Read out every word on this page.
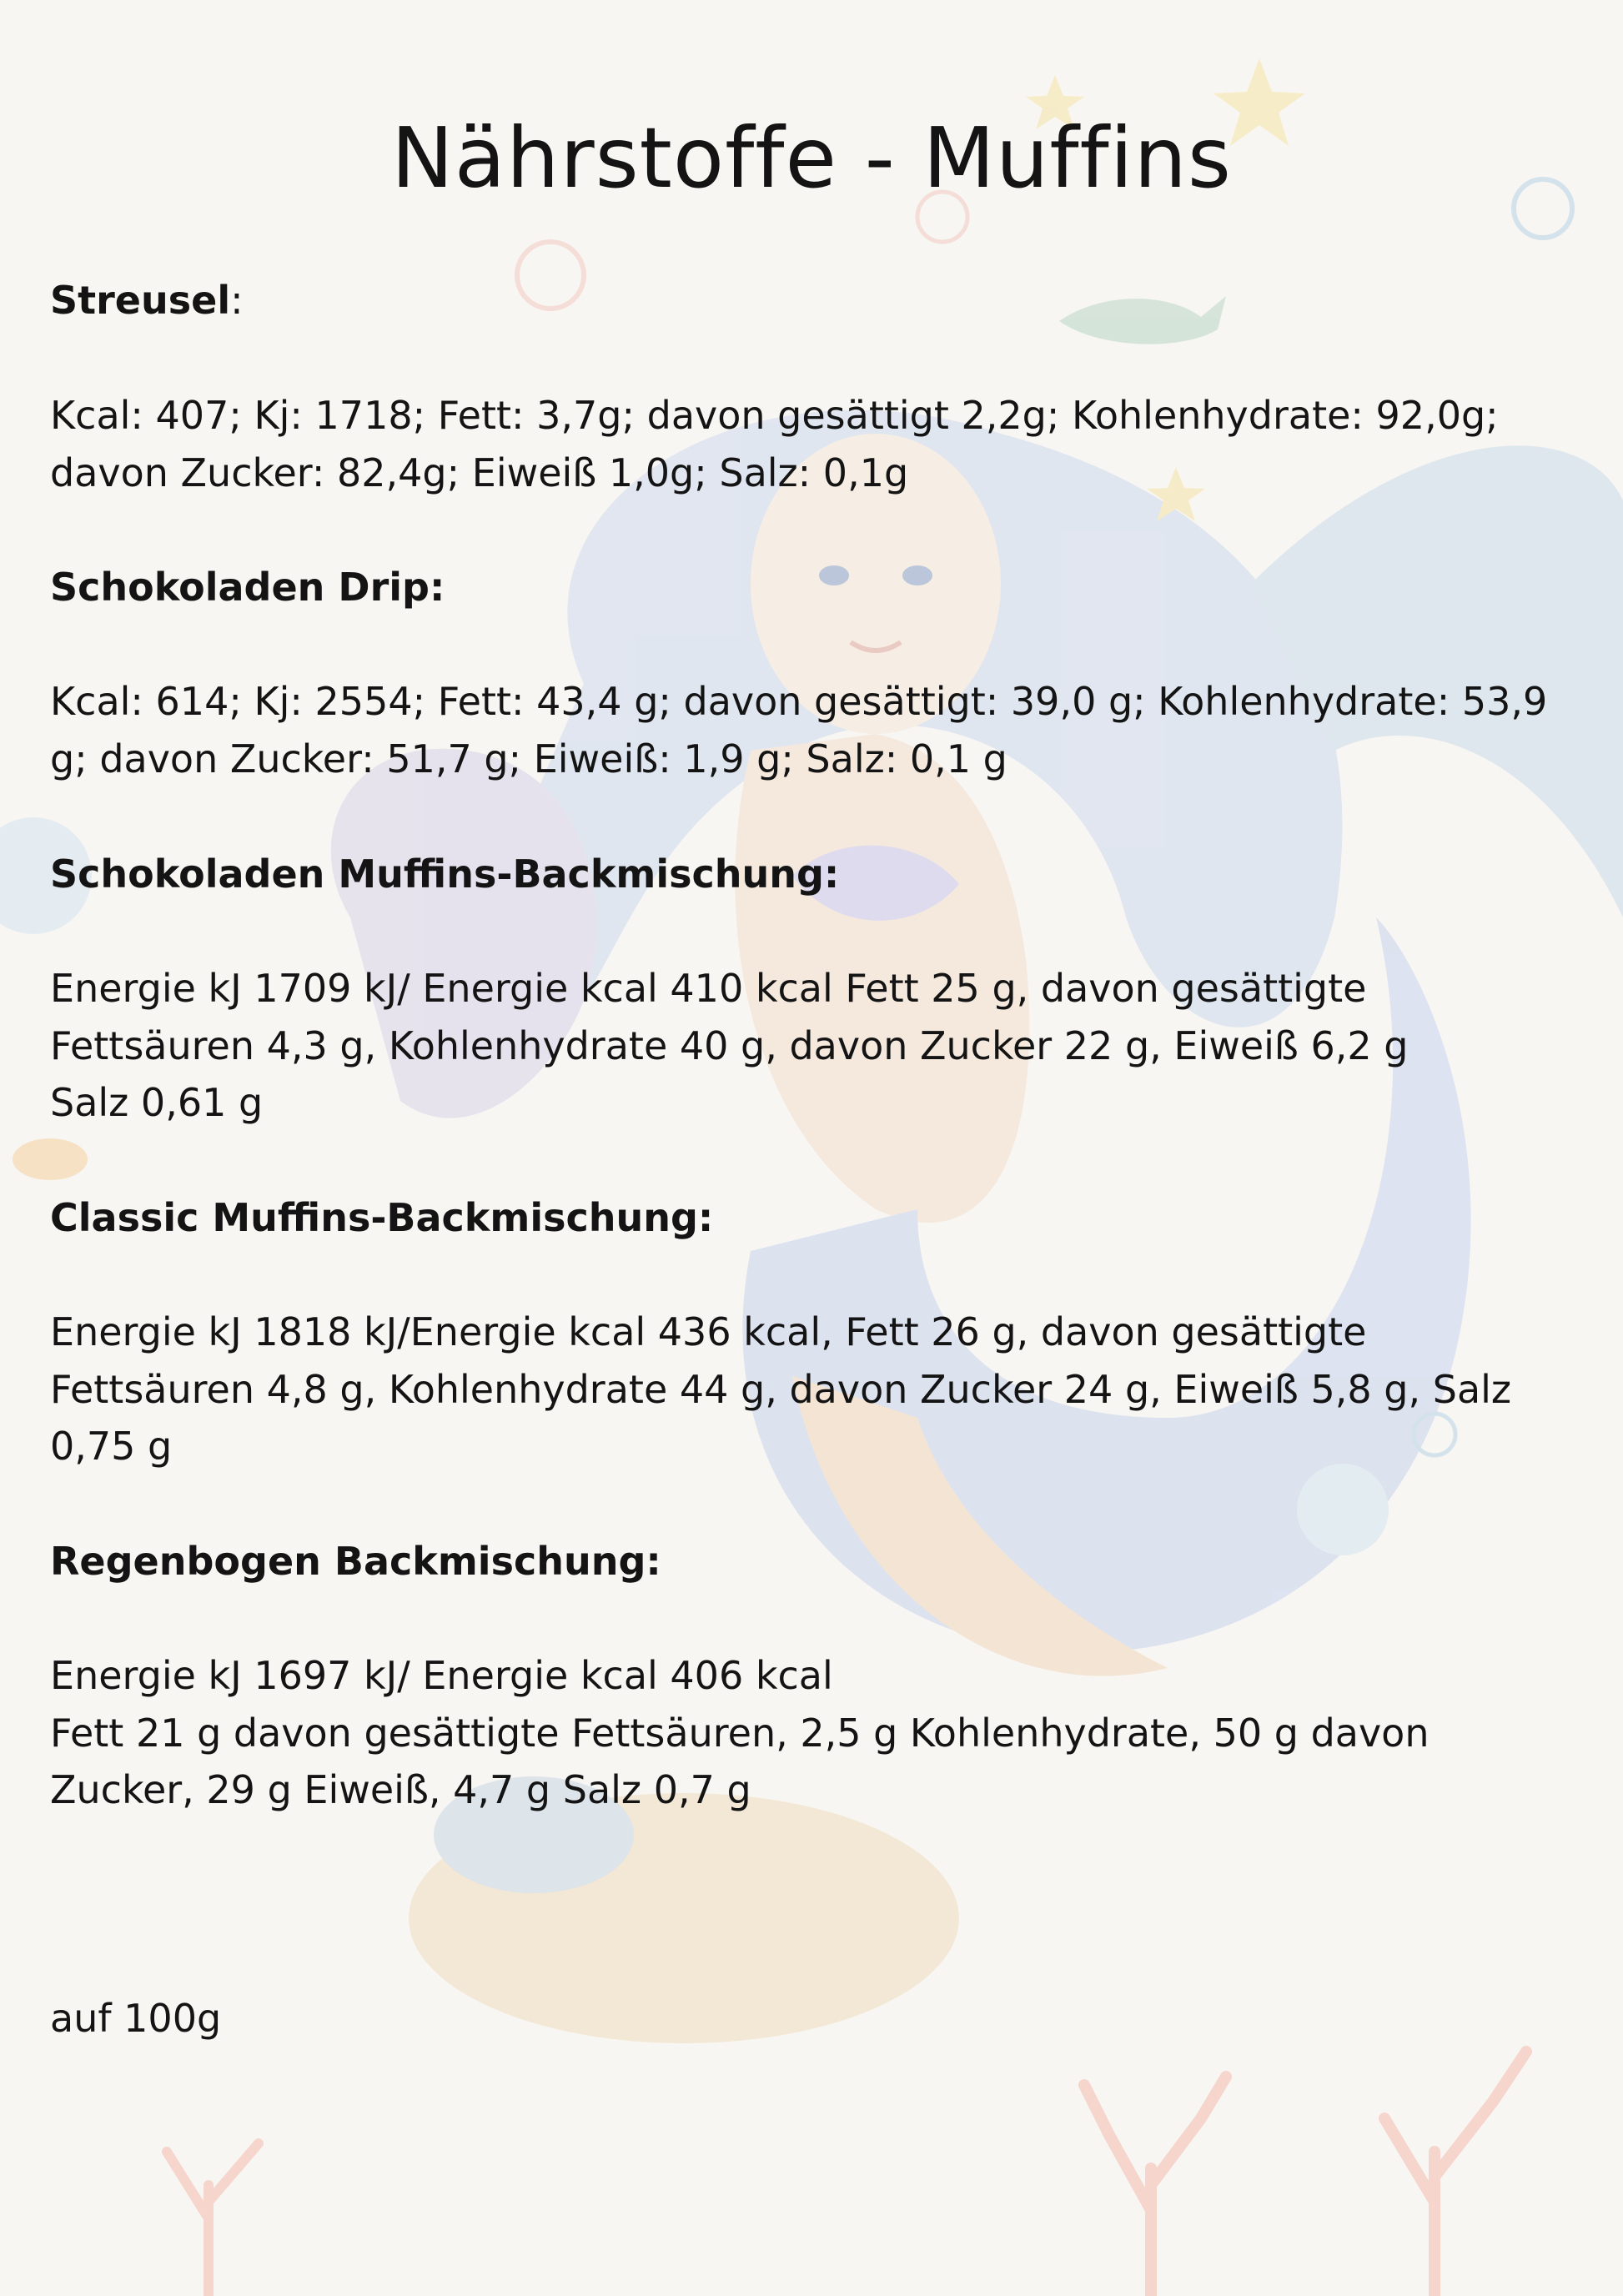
Nährstoffe - Muffins
Streusel:
Kcal: 407; Kj: 1718; Fett: 3,7g; davon gesättigt 2,2g; Kohlenhydrate: 92,0g;
davon Zucker: 82,4g; Eiweiß 1,0g; Salz: 0,1g
Schokoladen Drip:
Kcal: 614; Kj: 2554; Fett: 43,4 g; davon gesättigt: 39,0 g; Kohlenhydrate: 53,9
g; davon Zucker: 51,7 g; Eiweiß: 1,9 g; Salz: 0,1 g
Schokoladen Muffins-Backmischung:
Energie kJ 1709 kJ/ Energie kcal 410 kcal Fett 25 g, davon gesättigte
Fettsäuren 4,3 g, Kohlenhydrate 40 g, davon Zucker 22 g, Eiweiß 6,2 g
Salz 0,61 g
Classic Muffins-Backmischung:
Energie kJ 1818 kJ/Energie kcal 436 kcal, Fett 26 g, davon gesättigte
Fettsäuren 4,8 g, Kohlenhydrate 44 g, davon Zucker 24 g, Eiweiß 5,8 g, Salz
0,75 g
Regenbogen Backmischung:
Energie kJ 1697 kJ/ Energie kcal 406 kcal
Fett 21 g davon gesättigte Fettsäuren, 2,5 g Kohlenhydrate, 50 g davon
Zucker, 29 g Eiweiß, 4,7 g Salz 0,7 g
auf 100g
